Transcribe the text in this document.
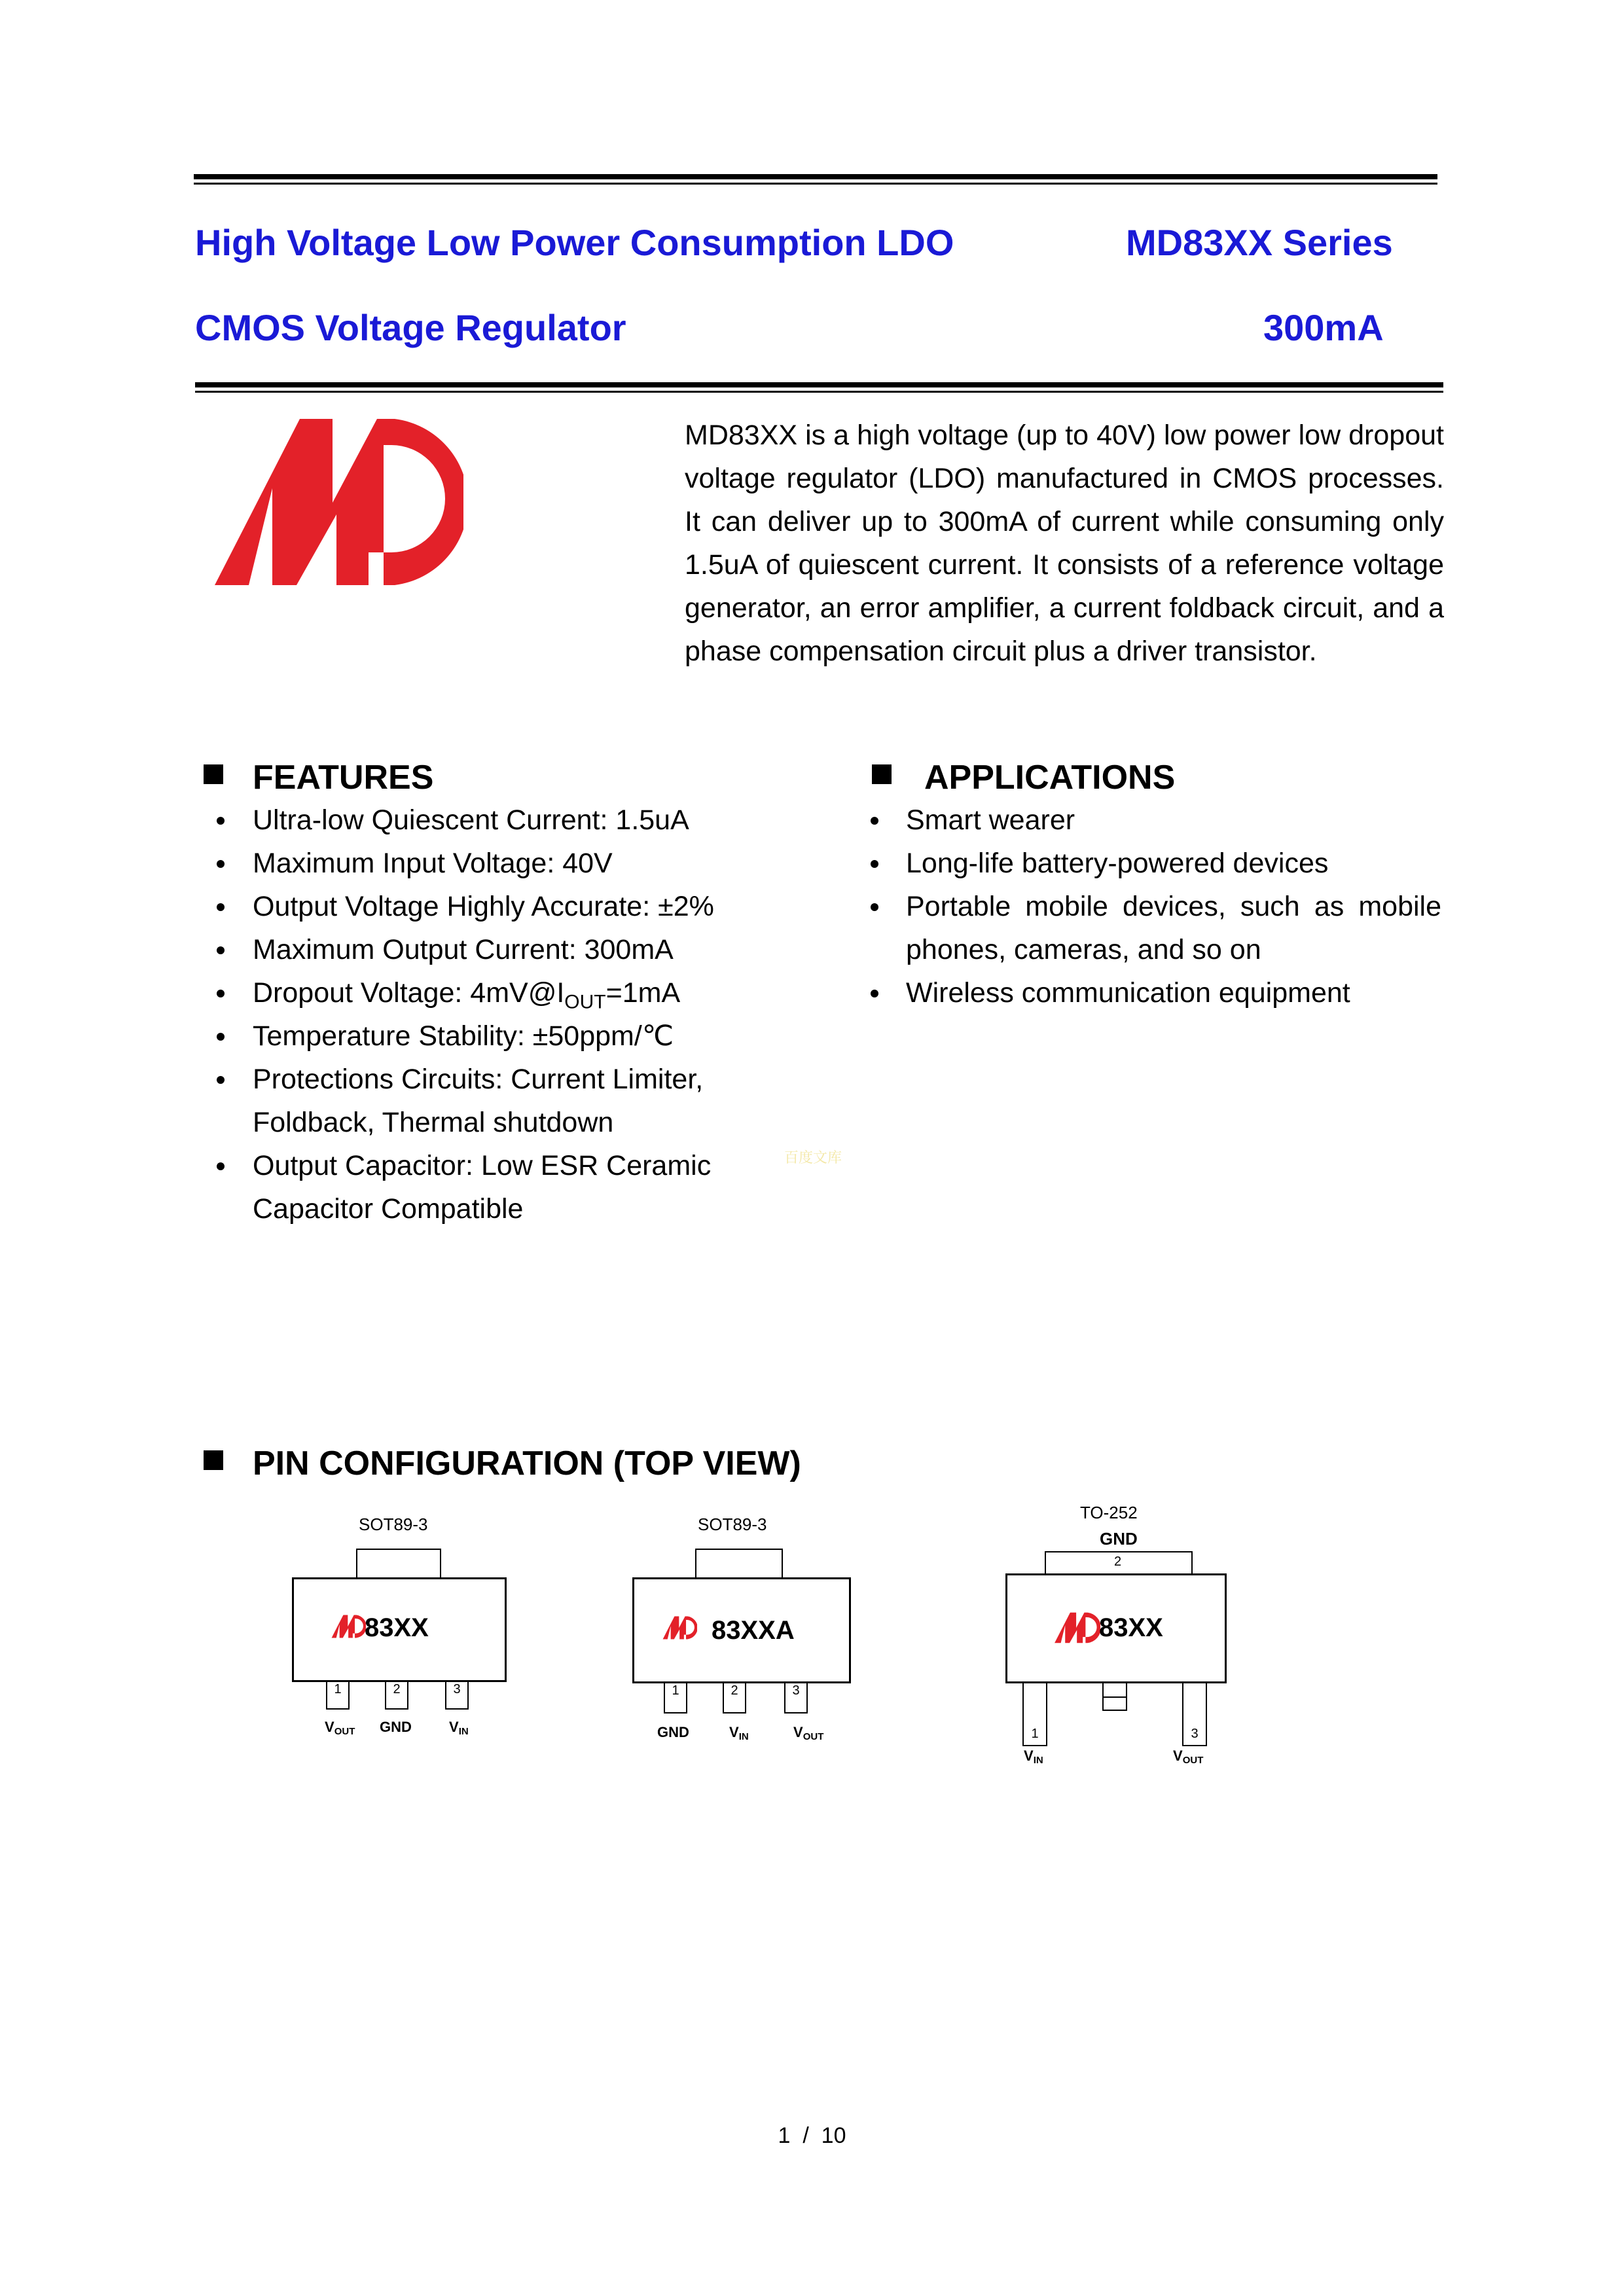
High Voltage Low Power Consumption LDO	MD83XX Series
CMOS Voltage Regulator	300mA
MD83XX is a high voltage (up to 40V) low power low dropout voltage regulator (LDO) manufactured in CMOS processes. It can deliver up to 300mA of current while consuming only 1.5uA of quiescent current. It consists of a reference voltage generator, an error amplifier, a current foldback circuit, and a phase compensation circuit plus a driver transistor.
FEATURES
Ultra-low Quiescent Current: 1.5uA
Maximum Input Voltage: 40V
Output Voltage Highly Accurate: ±2%
Maximum Output Current: 300mA
Dropout Voltage: $4mV@I_{OUT}=1mA$
Temperature Stability: ±50ppm/℃
Protections Circuits: Current Limiter,
Foldback, Thermal shutdown
Output Capacitor: Low ESR Ceramic
Capacitor Compatible
百度文库
APPLICATIONS
Smart wearer
Long-life battery-powered devices
Portable mobile devices, such as mobile
phones, cameras, and so on
Wireless communication equipment
PIN CONFIGURATION (TOP VIEW)
SOT89-3
83XX
1	2	3
$V_{OUT}$ GND	$V_{IN}$
SOT89-3
83XXA
1	2	3
GND	$V_{IN}$	$V_{OUT}$
TO-252
GND
2
83XX
1	3
$V_{IN}$	$V_{OUT}$
1  /  10
